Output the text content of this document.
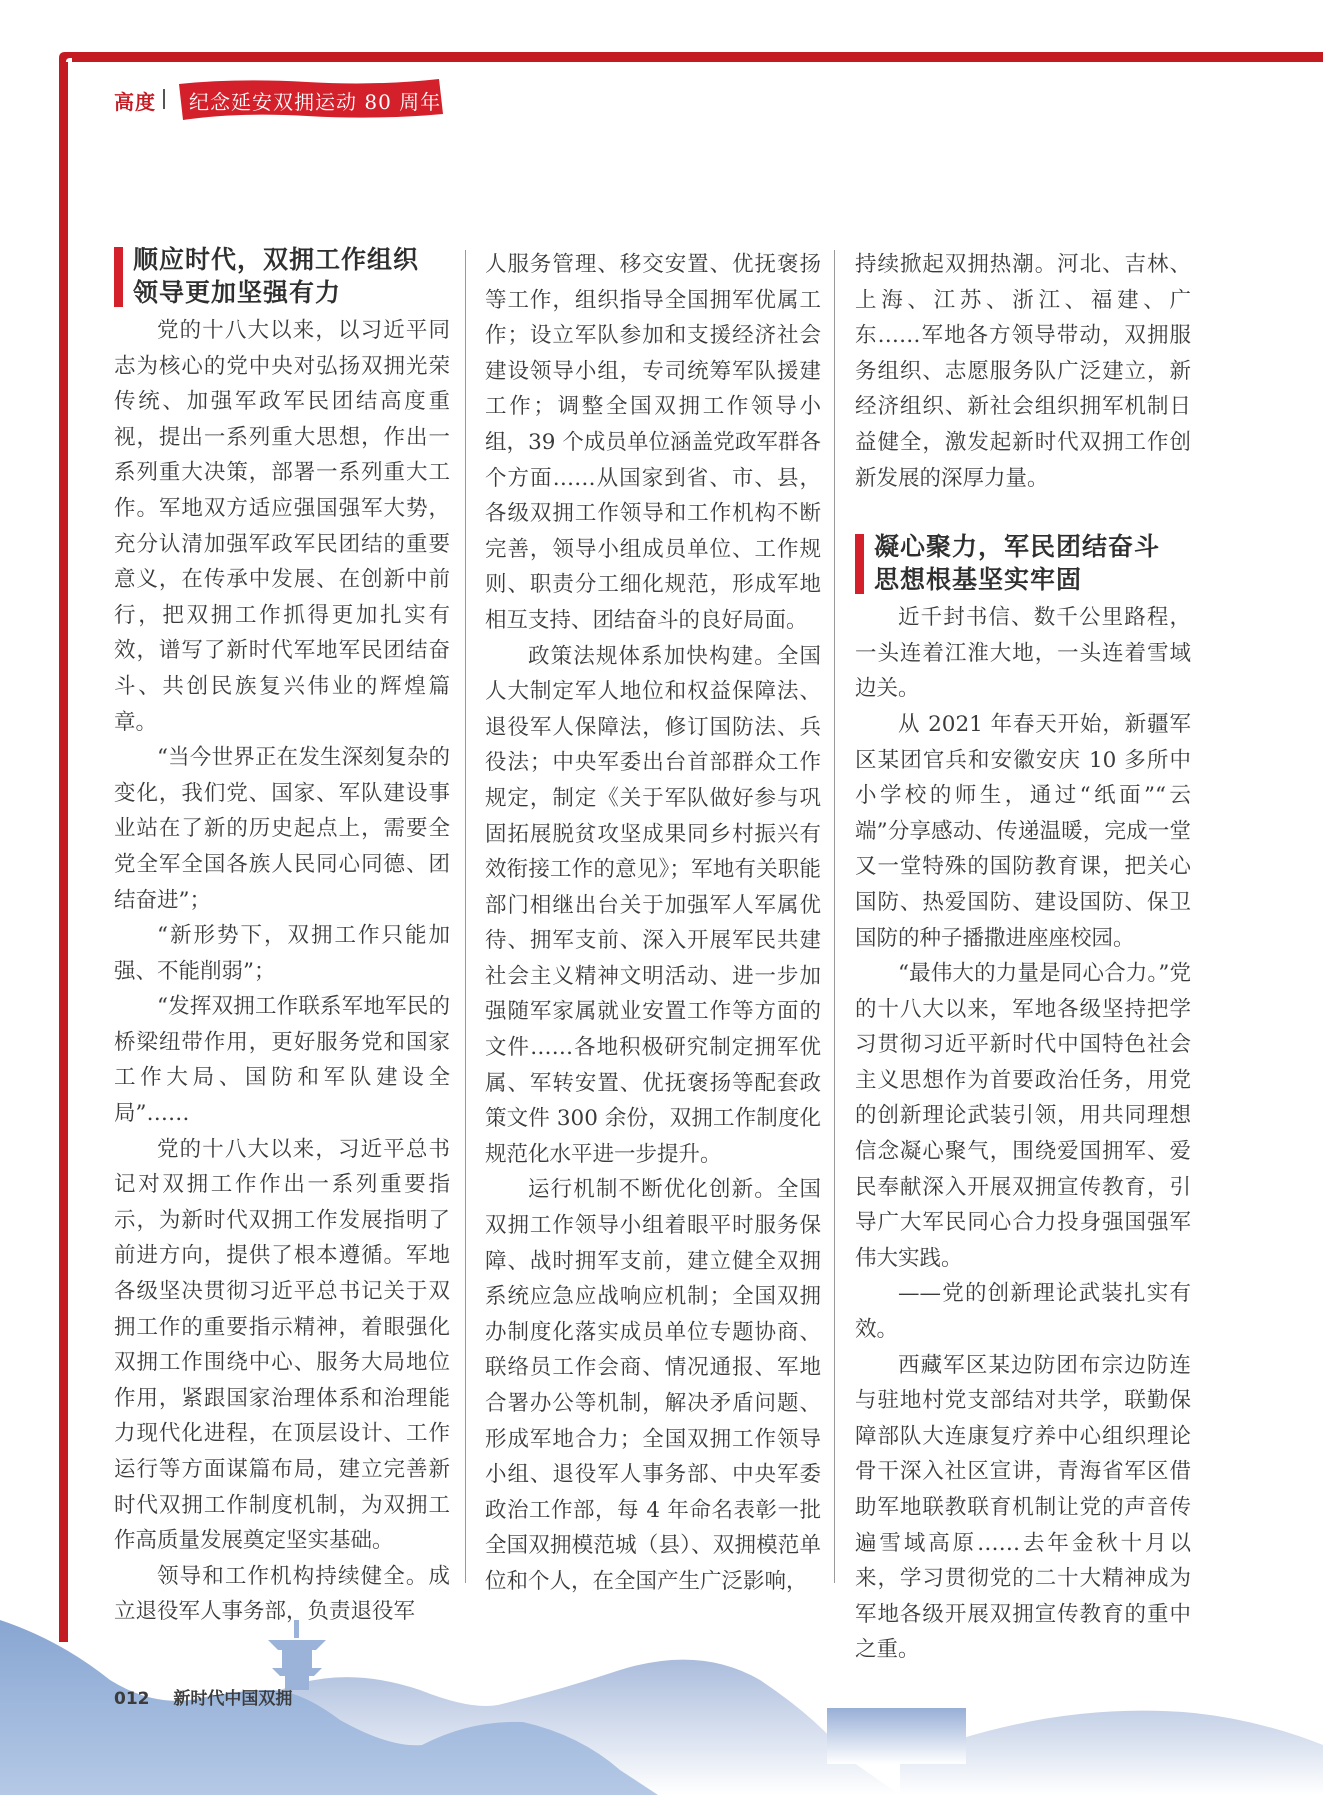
高度 纪念延安双拥运动 80 周年
顺应时代，双拥工作组织
领导更加坚强有力

党的十八大以来，以习近平同志为核心的党中央对弘扬双拥光荣传统、加强军政军民团结高度重视，提出一系列重大思想，作出一系列重大决策，部署一系列重大工作。军地双方适应强国强军大势，充分认清加强军政军民团结的重要意义，在传承中发展、在创新中前行，把双拥工作抓得更加扎实有效，谱写了新时代军地军民团结奋斗、共创民族复兴伟业的辉煌篇章。

“当今世界正在发生深刻复杂的变化，我们党、国家、军队建设事业站在了新的历史起点上，需要全党全军全国各族人民同心同德、团结奋进”；

“新形势下，双拥工作只能加强、不能削弱”；

“发挥双拥工作联系军地军民的桥梁纽带作用，更好服务党和国家工作大局、国防和军队建设全局”……

党的十八大以来，习近平总书记对双拥工作作出一系列重要指示，为新时代双拥工作发展指明了前进方向，提供了根本遵循。军地各级坚决贯彻习近平总书记关于双拥工作的重要指示精神，着眼强化双拥工作围绕中心、服务大局地位作用，紧跟国家治理体系和治理能力现代化进程，在顶层设计、工作运行等方面谋篇布局，建立完善新时代双拥工作制度机制，为双拥工作高质量发展奠定坚实基础。

领导和工作机构持续健全。成立退役军人事务部，负责退役军

人服务管理、移交安置、优抚褒扬等工作，组织指导全国拥军优属工作；设立军队参加和支援经济社会建设领导小组，专司统筹军队援建工作；调整全国双拥工作领导小组，39 个成员单位涵盖党政军群各个方面……从国家到省、市、县，各级双拥工作领导和工作机构不断完善，领导小组成员单位、工作规则、职责分工细化规范，形成军地相互支持、团结奋斗的良好局面。

政策法规体系加快构建。全国人大制定军人地位和权益保障法、退役军人保障法，修订国防法、兵役法；中央军委出台首部群众工作规定，制定《关于军队做好参与巩固拓展脱贫攻坚成果同乡村振兴有效衔接工作的意见》；军地有关职能部门相继出台关于加强军人军属优待、拥军支前、深入开展军民共建社会主义精神文明活动、进一步加强随军家属就业安置工作等方面的文件……各地积极研究制定拥军优属、军转安置、优抚褒扬等配套政策文件 300 余份，双拥工作制度化规范化水平进一步提升。

运行机制不断优化创新。全国双拥工作领导小组着眼平时服务保障、战时拥军支前，建立健全双拥系统应急应战响应机制；全国双拥办制度化落实成员单位专题协商、联络员工作会商、情况通报、军地合署办公等机制，解决矛盾问题、形成军地合力；全国双拥工作领导小组、退役军人事务部、中央军委政治工作部，每 4 年命名表彰一批全国双拥模范城（县）、双拥模范单位和个人，在全国产生广泛影响，

持续掀起双拥热潮。河北、吉林、上海、江苏、浙江、福建、广东……军地各方领导带动，双拥服务组织、志愿服务队广泛建立，新经济组织、新社会组织拥军机制日益健全，激发起新时代双拥工作创新发展的深厚力量。

凝心聚力，军民团结奋斗
思想根基坚实牢固

近千封书信、数千公里路程，一头连着江淮大地，一头连着雪域边关。

从 2021 年春天开始，新疆军区某团官兵和安徽安庆 10 多所中小学校的师生，通过“纸面”“云端”分享感动、传递温暖，完成一堂又一堂特殊的国防教育课，把关心国防、热爱国防、建设国防、保卫国防的种子播撒进座座校园。

“最伟大的力量是同心合力。”党的十八大以来，军地各级坚持把学习贯彻习近平新时代中国特色社会主义思想作为首要政治任务，用党的创新理论武装引领，用共同理想信念凝心聚气，围绕爱国拥军、爱民奉献深入开展双拥宣传教育，引导广大军民同心合力投身强国强军伟大实践。

——党的创新理论武装扎实有效。

西藏军区某边防团布宗边防连与驻地村党支部结对共学，联勤保障部队大连康复疗养中心组织理论骨干深入社区宣讲，青海省军区借助军地联教联育机制让党的声音传遍雪域高原……去年金秋十月以来，学习贯彻党的二十大精神成为军地各级开展双拥宣传教育的重中之重。

012 新时代中国双拥
